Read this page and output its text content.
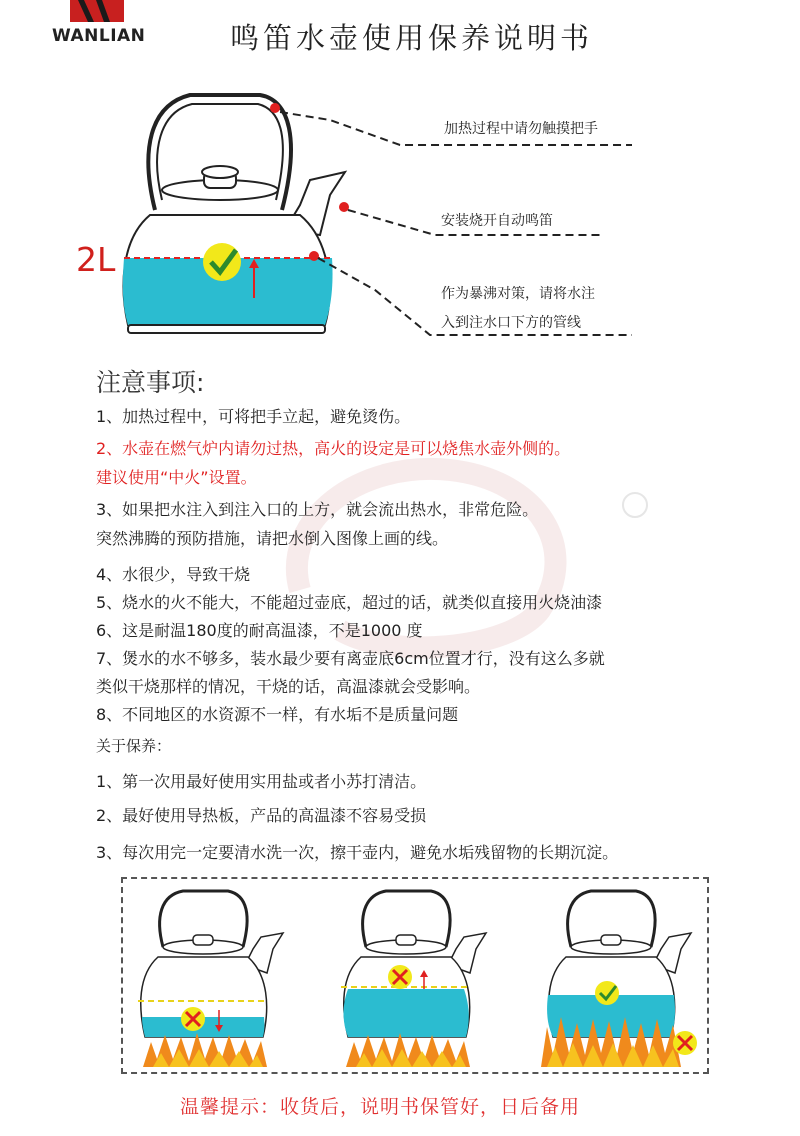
WANLIAN	鸣笛水壶使用保养说明书
加热过程中请勿触摸把手
安装烧开自动鸣笛
作为暴沸对策，请将水注
入到注水口下方的管线
2L
注意事项:
1、加热过程中，可将把手立起，避免烫伤。
2、水壶在燃气炉内请勿过热，高火的设定是可以烧焦水壶外侧的。
建议使用“中火”设置。
3、如果把水注入到注入口的上方，就会流出热水，非常危险。
突然沸腾的预防措施，请把水倒入图像上画的线。
4、水很少，导致干烧
5、烧水的火不能大，不能超过壶底，超过的话，就类似直接用火烧油漆
6、这是耐温180度的耐高温漆，不是1000 度
7、煲水的水不够多，装水最少要有离壶底6cm位置才行，没有这么多就
类似干烧那样的情况，干烧的话，高温漆就会受影响。
8、不同地区的水资源不一样，有水垢不是质量问题
关于保养：
1、第一次用最好使用实用盐或者小苏打清洁。
2、最好使用导热板，产品的高温漆不容易受损
3、每次用完一定要清水洗一次，擦干壶内，避免水垢残留物的长期沉淀。
温馨提示：收货后，说明书保管好，日后备用
